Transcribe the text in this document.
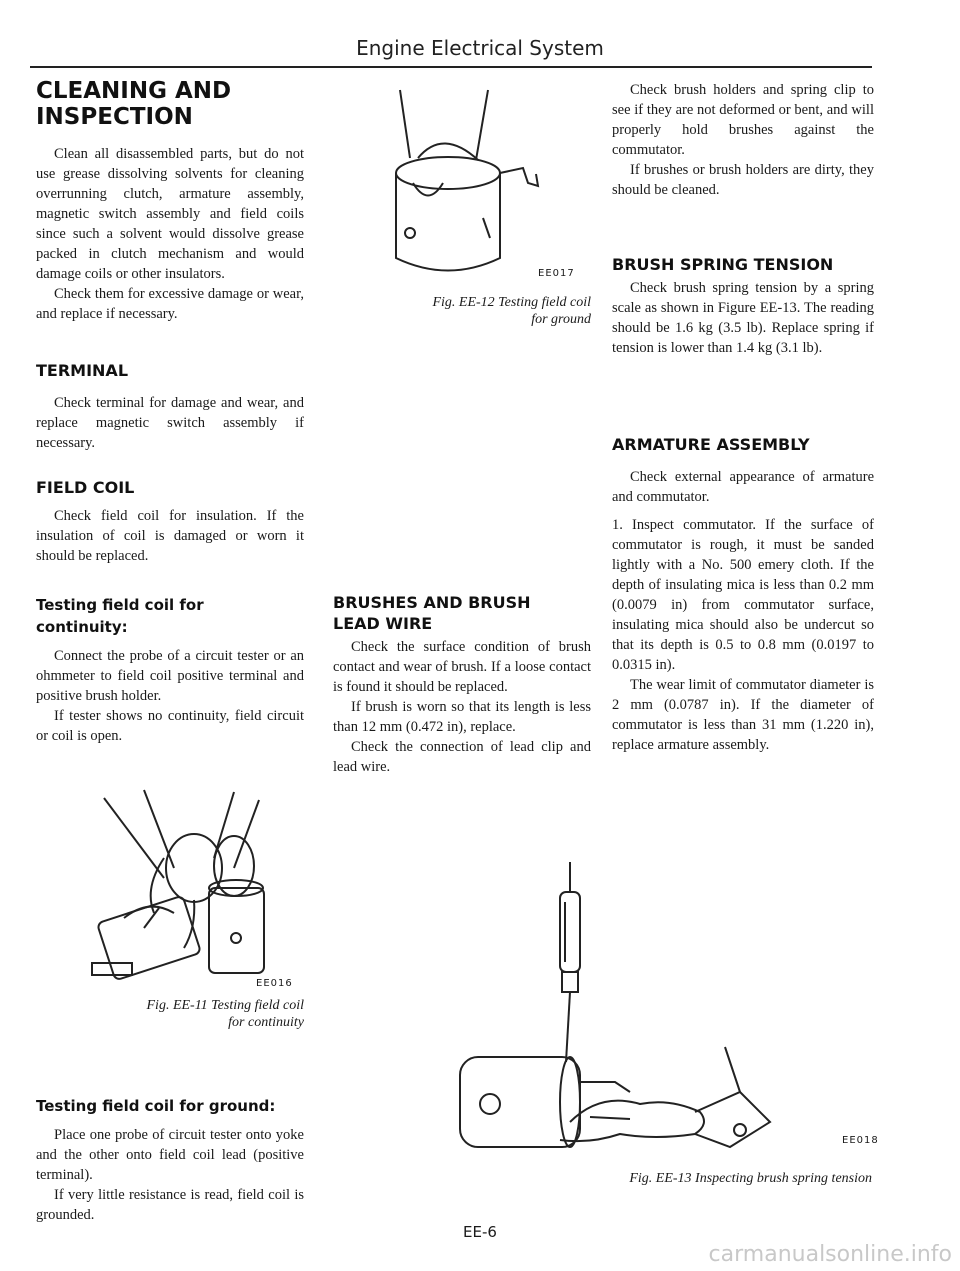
Engine Electrical System
CLEANING AND
INSPECTION

Clean all disassembled parts, but do not use grease dissolving solvents for cleaning overrunning clutch, armature assembly, magnetic switch assembly and field coils since such a solvent would dissolve grease packed in clutch mechanism and would damage coils or other insulators.

Check them for excessive damage or wear, and replace if necessary.

TERMINAL

Check terminal for damage and wear, and replace magnetic switch assembly if necessary.

FIELD COIL

Check field coil for insulation. If the insulation of coil is damaged or worn it should be replaced.

Testing field coil for
continuity:

Connect the probe of a circuit tester or an ohmmeter to field coil positive terminal and positive brush holder.

If tester shows no continuity, field circuit or coil is open.

EE016
Fig. EE-11 Testing field coil
for continuity
Testing field coil for ground:

Place one probe of circuit tester onto yoke and the other onto field coil lead (positive terminal).

If very little resistance is read, field coil is grounded.

EE017
Fig. EE-12 Testing field coil
for ground
BRUSHES AND BRUSH
LEAD WIRE

Check the surface condition of brush contact and wear of brush. If a loose contact is found it should be replaced.

If brush is worn so that its length is less than 12 mm (0.472 in), replace.

Check the connection of lead clip and lead wire.

Check brush holders and spring clip to see if they are not deformed or bent, and will properly hold brushes against the commutator.

If brushes or brush holders are dirty, they should be cleaned.

BRUSH SPRING TENSION

Check brush spring tension by a spring scale as shown in Figure EE-13. The reading should be 1.6 kg (3.5 lb). Replace spring if tension is lower than 1.4 kg (3.1 lb).

ARMATURE ASSEMBLY

Check external appearance of armature and commutator.

1. Inspect commutator. If the surface of commutator is rough, it must be sanded lightly with a No. 500 emery cloth. If the depth of insulating mica is less than 0.2 mm (0.0079 in) from commutator surface, insulating mica should also be undercut so that its depth is 0.5 to 0.8 mm (0.0197 to 0.0315 in).

The wear limit of commutator diameter is 2 mm (0.0787 in). If the diameter of commutator is less than 31 mm (1.220 in), replace armature assembly.

EE018
Fig. EE-13 Inspecting brush spring tension
EE-6
carmanualsonline.info
